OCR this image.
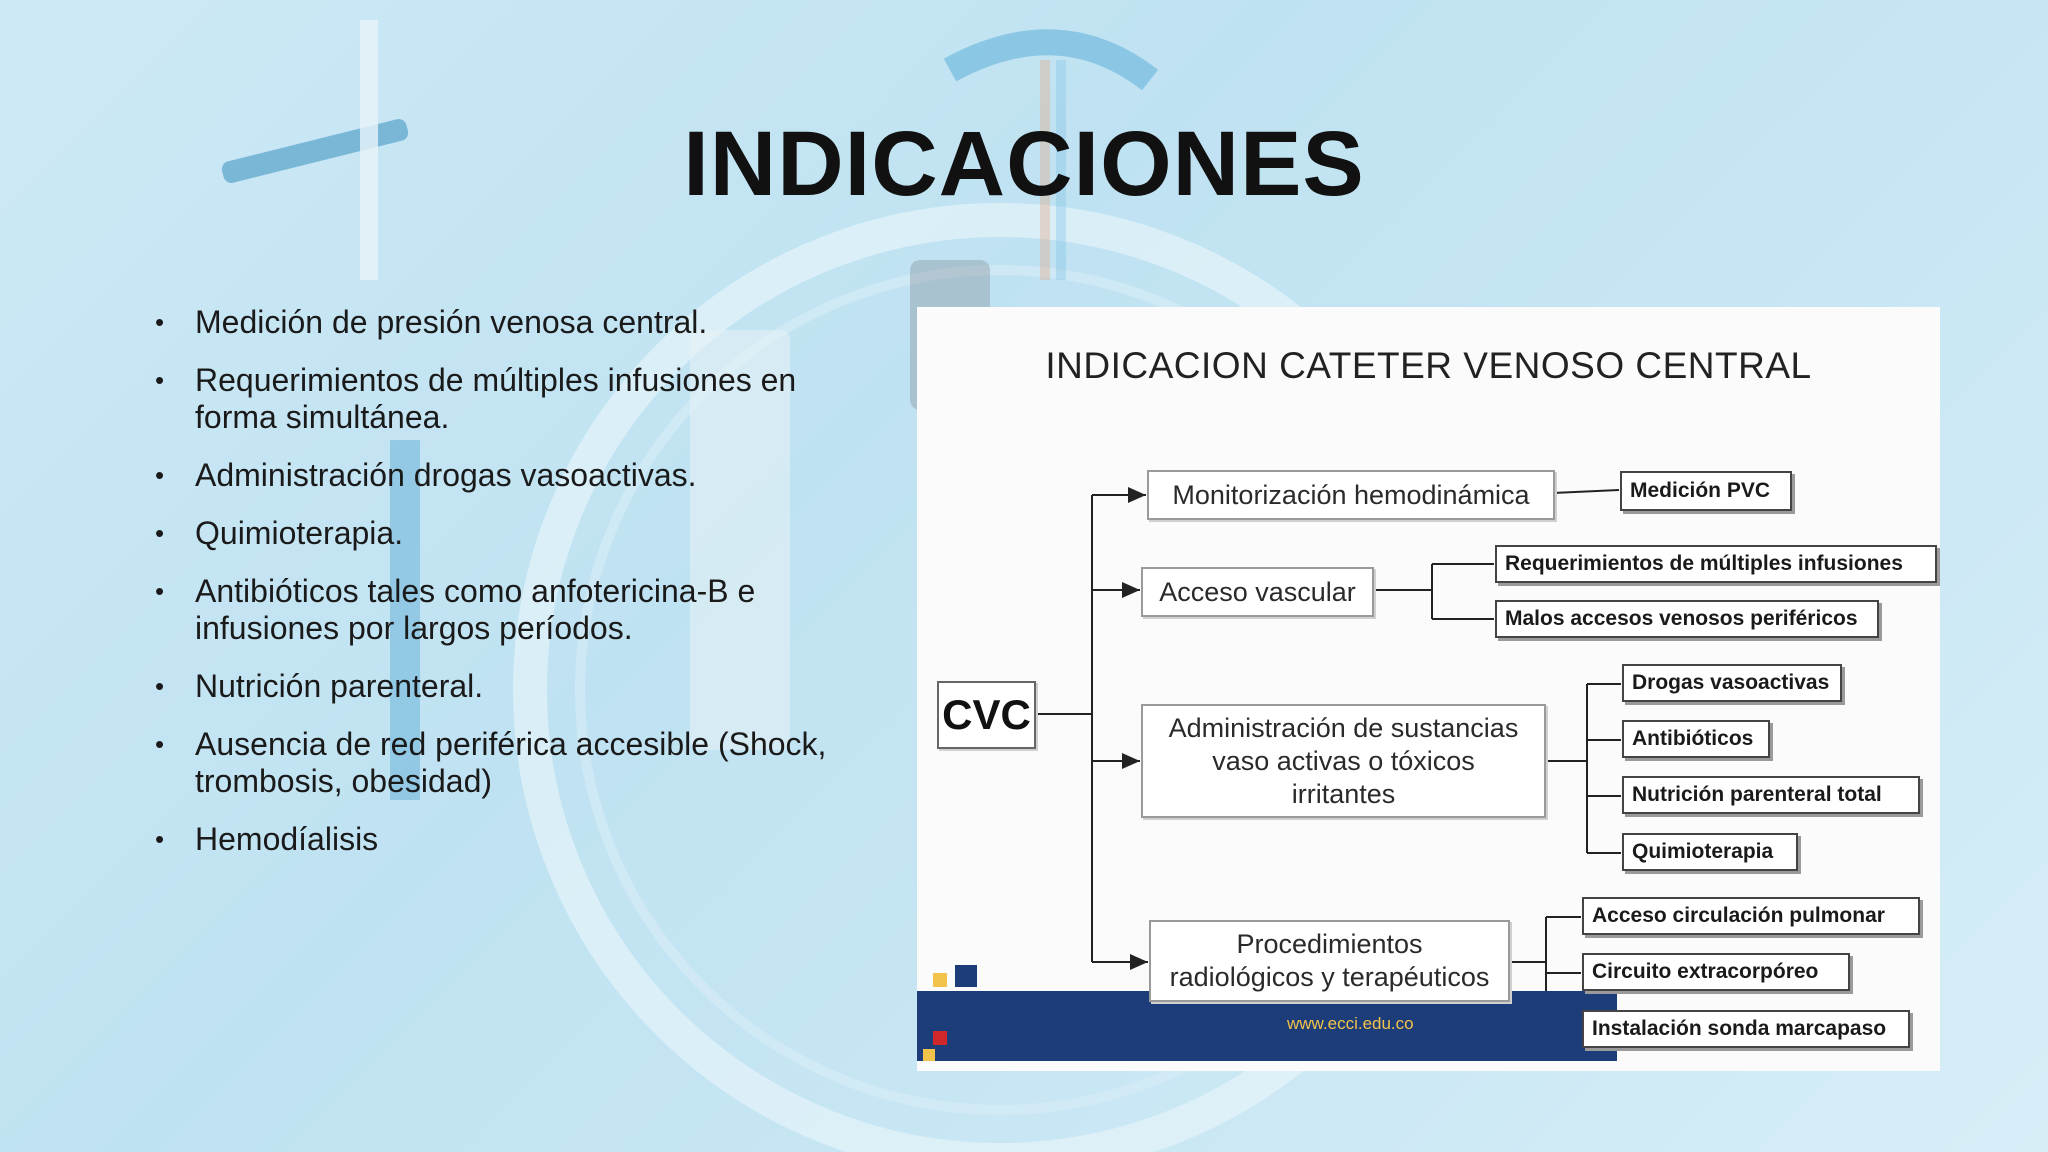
INDICACIONES
• Medición de presión venosa central.
• Requerimientos de múltiples infusiones en forma simultánea.
• Administración drogas vasoactivas.
• Quimioterapia.
• Antibióticos tales como anfotericina-B e infusiones por largos períodos.
• Nutrición parenteral.
• Ausencia de red periférica accesible (Shock, trombosis, obesidad)
• Hemodíalisis
INDICACION CATETER VENOSO CENTRAL
www.ecci.edu.co
CVC
Monitorización hemodinámica
Acceso vascular
Administración de sustancias vaso activas o tóxicos irritantes
Procedimientos radiológicos y terapéuticos
Medición PVC
Requerimientos de múltiples infusiones
Malos accesos venosos periféricos
Drogas vasoactivas
Antibióticos
Nutrición parenteral total
Quimioterapia
Acceso circulación pulmonar
Circuito extracorpóreo
Instalación sonda marcapaso
